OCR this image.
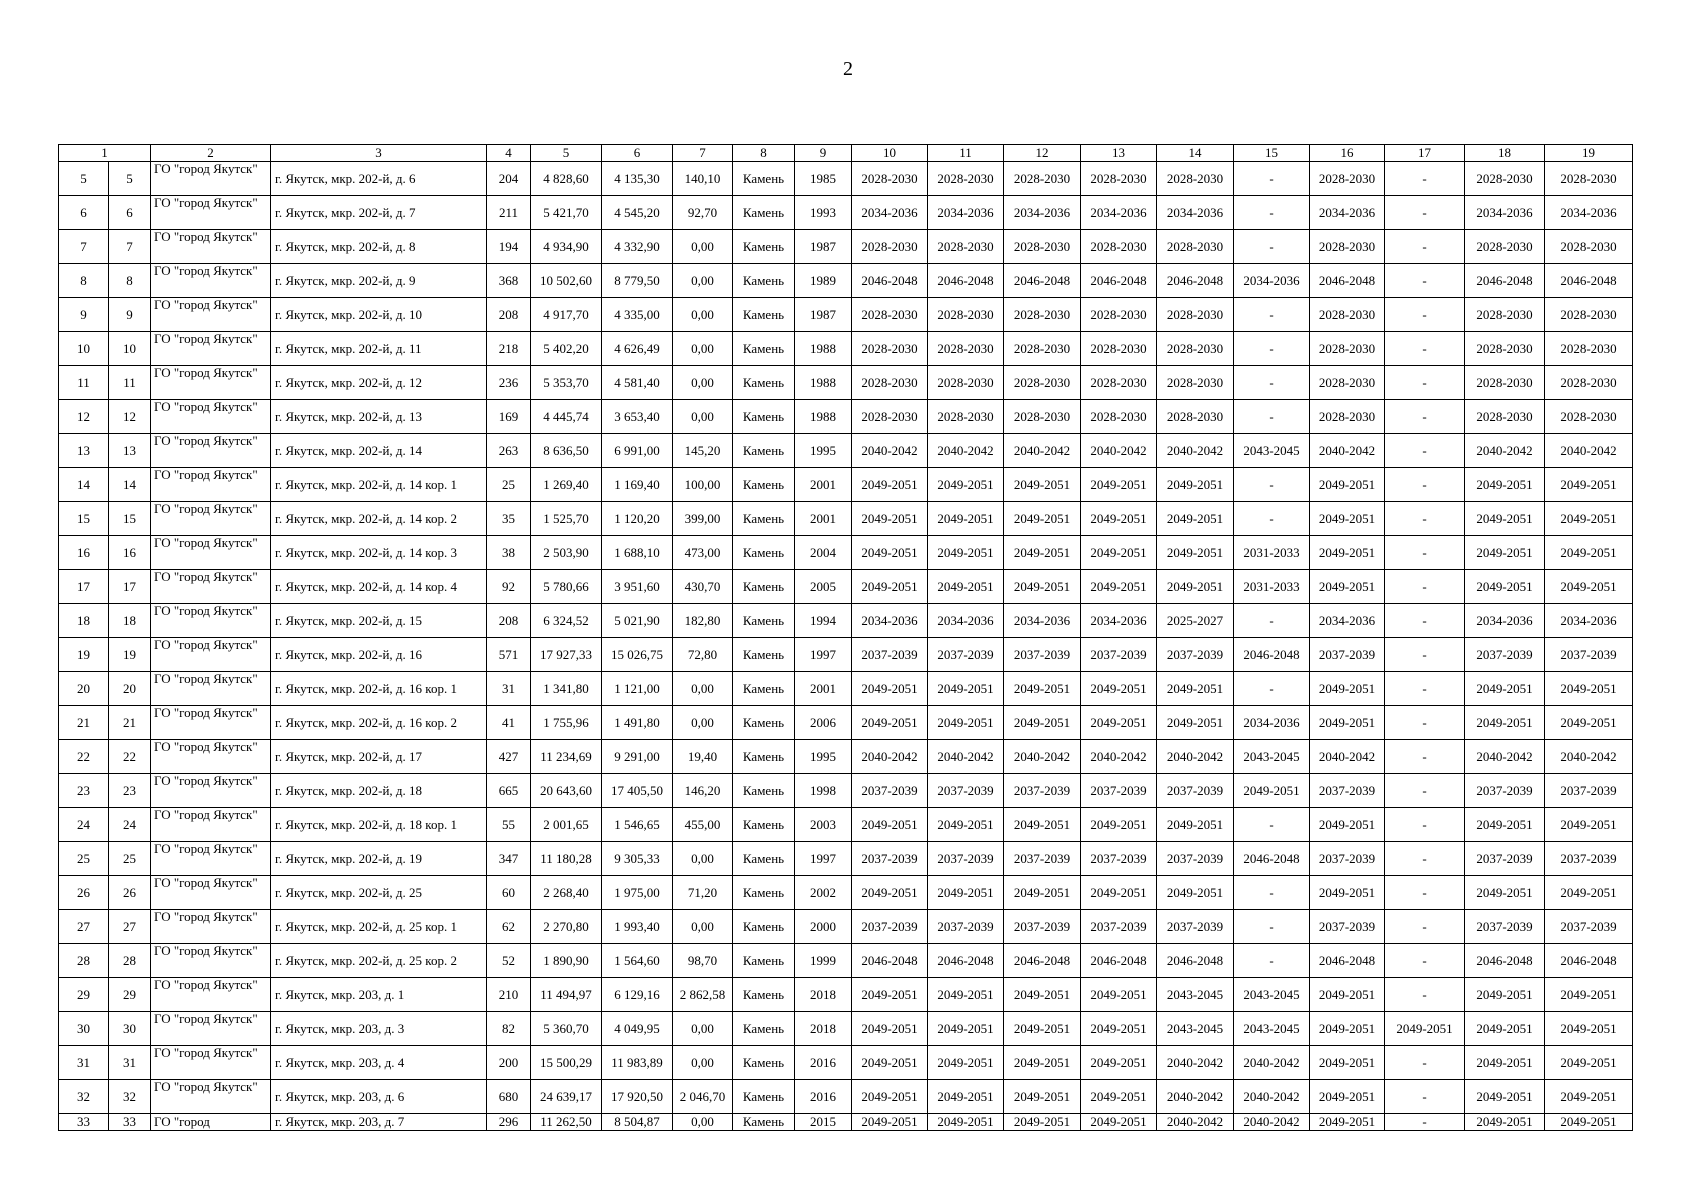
2
1		2	3	4	5	6	7	8	9	10	11	12	13	14	15	16	17	18	19
5	5	ГО "город Якутск"	г. Якутск, мкр. 202-й, д. 6	204	4 828,60	4 135,30	140,10	Камень	1985	2028-2030	2028-2030	2028-2030	2028-2030	2028-2030	-	2028-2030	-	2028-2030	2028-2030
6	6	ГО "город Якутск"	г. Якутск, мкр. 202-й, д. 7	211	5 421,70	4 545,20	92,70	Камень	1993	2034-2036	2034-2036	2034-2036	2034-2036	2034-2036	-	2034-2036	-	2034-2036	2034-2036
7	7	ГО "город Якутск"	г. Якутск, мкр. 202-й, д. 8	194	4 934,90	4 332,90	0,00	Камень	1987	2028-2030	2028-2030	2028-2030	2028-2030	2028-2030	-	2028-2030	-	2028-2030	2028-2030
8	8	ГО "город Якутск"	г. Якутск, мкр. 202-й, д. 9	368	10 502,60	8 779,50	0,00	Камень	1989	2046-2048	2046-2048	2046-2048	2046-2048	2046-2048	2034-2036	2046-2048	-	2046-2048	2046-2048
9	9	ГО "город Якутск"	г. Якутск, мкр. 202-й, д. 10	208	4 917,70	4 335,00	0,00	Камень	1987	2028-2030	2028-2030	2028-2030	2028-2030	2028-2030	-	2028-2030	-	2028-2030	2028-2030
10	10	ГО "город Якутск"	г. Якутск, мкр. 202-й, д. 11	218	5 402,20	4 626,49	0,00	Камень	1988	2028-2030	2028-2030	2028-2030	2028-2030	2028-2030	-	2028-2030	-	2028-2030	2028-2030
11	11	ГО "город Якутск"	г. Якутск, мкр. 202-й, д. 12	236	5 353,70	4 581,40	0,00	Камень	1988	2028-2030	2028-2030	2028-2030	2028-2030	2028-2030	-	2028-2030	-	2028-2030	2028-2030
12	12	ГО "город Якутск"	г. Якутск, мкр. 202-й, д. 13	169	4 445,74	3 653,40	0,00	Камень	1988	2028-2030	2028-2030	2028-2030	2028-2030	2028-2030	-	2028-2030	-	2028-2030	2028-2030
13	13	ГО "город Якутск"	г. Якутск, мкр. 202-й, д. 14	263	8 636,50	6 991,00	145,20	Камень	1995	2040-2042	2040-2042	2040-2042	2040-2042	2040-2042	2043-2045	2040-2042	-	2040-2042	2040-2042
14	14	ГО "город Якутск"	г. Якутск, мкр. 202-й, д. 14 кор. 1	25	1 269,40	1 169,40	100,00	Камень	2001	2049-2051	2049-2051	2049-2051	2049-2051	2049-2051	-	2049-2051	-	2049-2051	2049-2051
15	15	ГО "город Якутск"	г. Якутск, мкр. 202-й, д. 14 кор. 2	35	1 525,70	1 120,20	399,00	Камень	2001	2049-2051	2049-2051	2049-2051	2049-2051	2049-2051	-	2049-2051	-	2049-2051	2049-2051
16	16	ГО "город Якутск"	г. Якутск, мкр. 202-й, д. 14 кор. 3	38	2 503,90	1 688,10	473,00	Камень	2004	2049-2051	2049-2051	2049-2051	2049-2051	2049-2051	2031-2033	2049-2051	-	2049-2051	2049-2051
17	17	ГО "город Якутск"	г. Якутск, мкр. 202-й, д. 14 кор. 4	92	5 780,66	3 951,60	430,70	Камень	2005	2049-2051	2049-2051	2049-2051	2049-2051	2049-2051	2031-2033	2049-2051	-	2049-2051	2049-2051
18	18	ГО "город Якутск"	г. Якутск, мкр. 202-й, д. 15	208	6 324,52	5 021,90	182,80	Камень	1994	2034-2036	2034-2036	2034-2036	2034-2036	2025-2027	-	2034-2036	-	2034-2036	2034-2036
19	19	ГО "город Якутск"	г. Якутск, мкр. 202-й, д. 16	571	17 927,33	15 026,75	72,80	Камень	1997	2037-2039	2037-2039	2037-2039	2037-2039	2037-2039	2046-2048	2037-2039	-	2037-2039	2037-2039
20	20	ГО "город Якутск"	г. Якутск, мкр. 202-й, д. 16 кор. 1	31	1 341,80	1 121,00	0,00	Камень	2001	2049-2051	2049-2051	2049-2051	2049-2051	2049-2051	-	2049-2051	-	2049-2051	2049-2051
21	21	ГО "город Якутск"	г. Якутск, мкр. 202-й, д. 16 кор. 2	41	1 755,96	1 491,80	0,00	Камень	2006	2049-2051	2049-2051	2049-2051	2049-2051	2049-2051	2034-2036	2049-2051	-	2049-2051	2049-2051
22	22	ГО "город Якутск"	г. Якутск, мкр. 202-й, д. 17	427	11 234,69	9 291,00	19,40	Камень	1995	2040-2042	2040-2042	2040-2042	2040-2042	2040-2042	2043-2045	2040-2042	-	2040-2042	2040-2042
23	23	ГО "город Якутск"	г. Якутск, мкр. 202-й, д. 18	665	20 643,60	17 405,50	146,20	Камень	1998	2037-2039	2037-2039	2037-2039	2037-2039	2037-2039	2049-2051	2037-2039	-	2037-2039	2037-2039
24	24	ГО "город Якутск"	г. Якутск, мкр. 202-й, д. 18 кор. 1	55	2 001,65	1 546,65	455,00	Камень	2003	2049-2051	2049-2051	2049-2051	2049-2051	2049-2051	-	2049-2051	-	2049-2051	2049-2051
25	25	ГО "город Якутск"	г. Якутск, мкр. 202-й, д. 19	347	11 180,28	9 305,33	0,00	Камень	1997	2037-2039	2037-2039	2037-2039	2037-2039	2037-2039	2046-2048	2037-2039	-	2037-2039	2037-2039
26	26	ГО "город Якутск"	г. Якутск, мкр. 202-й, д. 25	60	2 268,40	1 975,00	71,20	Камень	2002	2049-2051	2049-2051	2049-2051	2049-2051	2049-2051	-	2049-2051	-	2049-2051	2049-2051
27	27	ГО "город Якутск"	г. Якутск, мкр. 202-й, д. 25 кор. 1	62	2 270,80	1 993,40	0,00	Камень	2000	2037-2039	2037-2039	2037-2039	2037-2039	2037-2039	-	2037-2039	-	2037-2039	2037-2039
28	28	ГО "город Якутск"	г. Якутск, мкр. 202-й, д. 25 кор. 2	52	1 890,90	1 564,60	98,70	Камень	1999	2046-2048	2046-2048	2046-2048	2046-2048	2046-2048	-	2046-2048	-	2046-2048	2046-2048
29	29	ГО "город Якутск"	г. Якутск, мкр. 203, д. 1	210	11 494,97	6 129,16	2 862,58	Камень	2018	2049-2051	2049-2051	2049-2051	2049-2051	2043-2045	2043-2045	2049-2051	-	2049-2051	2049-2051
30	30	ГО "город Якутск"	г. Якутск, мкр. 203, д. 3	82	5 360,70	4 049,95	0,00	Камень	2018	2049-2051	2049-2051	2049-2051	2049-2051	2043-2045	2043-2045	2049-2051	2049-2051	2049-2051	2049-2051
31	31	ГО "город Якутск"	г. Якутск, мкр. 203, д. 4	200	15 500,29	11 983,89	0,00	Камень	2016	2049-2051	2049-2051	2049-2051	2049-2051	2040-2042	2040-2042	2049-2051	-	2049-2051	2049-2051
32	32	ГО "город Якутск"	г. Якутск, мкр. 203, д. 6	680	24 639,17	17 920,50	2 046,70	Камень	2016	2049-2051	2049-2051	2049-2051	2049-2051	2040-2042	2040-2042	2049-2051	-	2049-2051	2049-2051
33	33	ГО "город	г. Якутск, мкр. 203, д. 7	296	11 262,50	8 504,87	0,00	Камень	2015	2049-2051	2049-2051	2049-2051	2049-2051	2040-2042	2040-2042	2049-2051	-	2049-2051	2049-2051
